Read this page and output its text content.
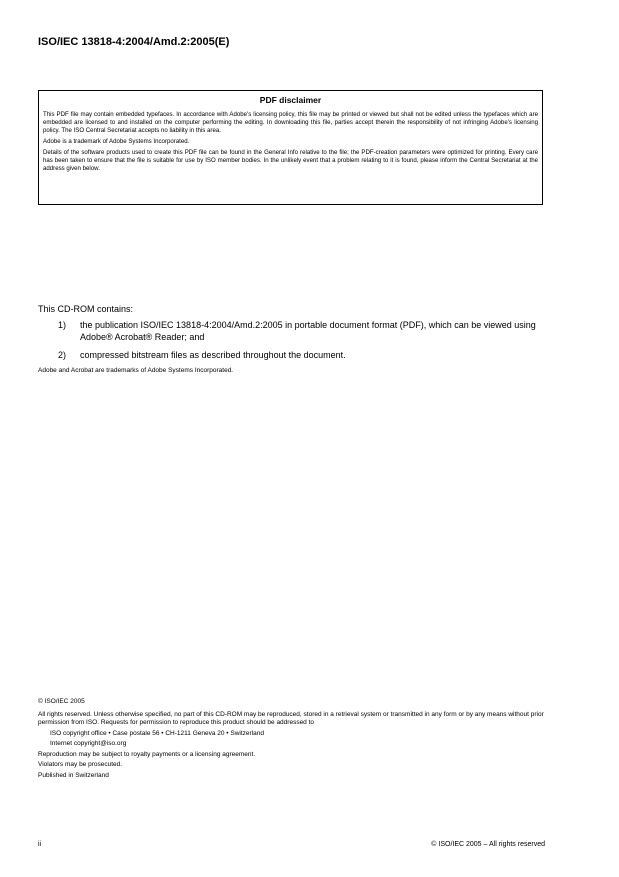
ISO/IEC 13818-4:2004/Amd.2:2005(E)
PDF disclaimer

This PDF file may contain embedded typefaces. In accordance with Adobe's licensing policy, this file may be printed or viewed but shall not be edited unless the typefaces which are embedded are licensed to and installed on the computer performing the editing. In downloading this file, parties accept therein the responsibility of not infringing Adobe's licensing policy. The ISO Central Secretariat accepts no liability in this area.

Adobe is a trademark of Adobe Systems Incorporated.

Details of the software products used to create this PDF file can be found in the General Info relative to the file; the PDF-creation parameters were optimized for printing. Every care has been taken to ensure that the file is suitable for use by ISO member bodies. In the unlikely event that a problem relating to it is found, please inform the Central Secretariat at the address given below.

This CD-ROM contains:
1) the publication ISO/IEC 13818-4:2004/Amd.2:2005 in portable document format (PDF), which can be viewed using Adobe® Acrobat® Reader; and
2) compressed bitstream files as described throughout the document.
Adobe and Acrobat are trademarks of Adobe Systems Incorporated.

© ISO/IEC 2005

All rights reserved. Unless otherwise specified, no part of this CD-ROM may be reproduced, stored in a retrieval system or transmitted in any form or by any means without prior permission from ISO. Requests for permission to reproduce this product should be addressed to

ISO copyright office • Case postale 56 • CH-1211 Geneva 20 • Switzerland

Internet copyright@iso.org

Reproduction may be subject to royalty payments or a licensing agreement.

Violators may be prosecuted.

Published in Switzerland

ii	© ISO/IEC 2005 – All rights reserved
